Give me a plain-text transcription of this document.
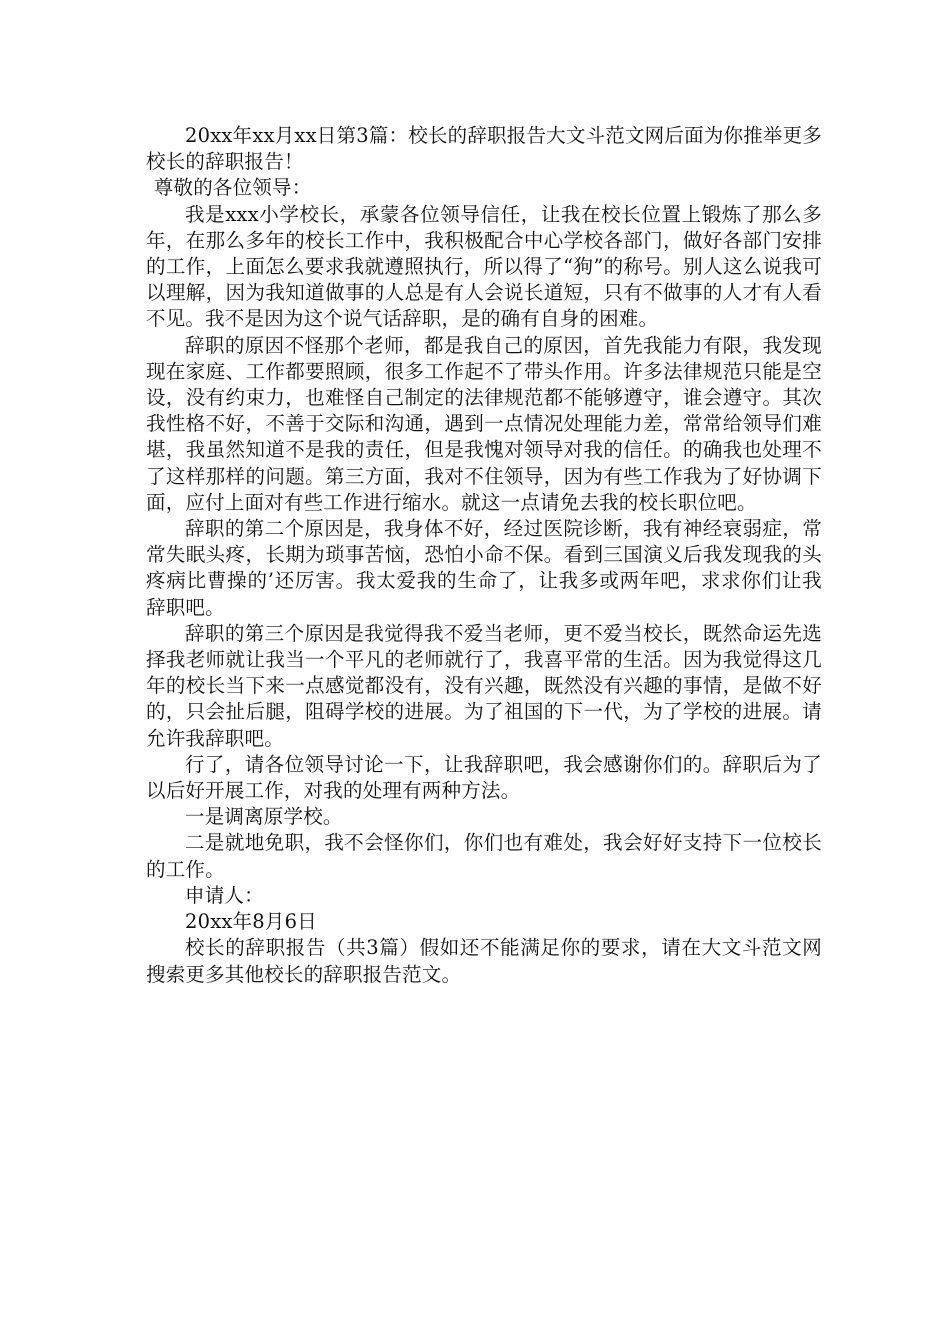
20xx年xx月xx日第3篇：校长的辞职报告大文斗范文网后面为你推举更多校长的辞职报告！

尊敬的各位领导：

我是xxx小学校长，承蒙各位领导信任，让我在校长位置上锻炼了那么多年，在那么多年的校长工作中，我积极配合中心学校各部门，做好各部门安排的工作，上面怎么要求我就遵照执行，所以得了“狗”的称号。别人这么说我可以理解，因为我知道做事的人总是有人会说长道短，只有不做事的人才有人看不见。我不是因为这个说气话辞职，是的确有自身的困难。

辞职的原因不怪那个老师，都是我自己的原因，首先我能力有限，我发现现在家庭、工作都要照顾，很多工作起不了带头作用。许多法律规范只能是空设，没有约束力，也难怪自己制定的法律规范都不能够遵守，谁会遵守。其次我性格不好，不善于交际和沟通，遇到一点情况处理能力差，常常给领导们难堪，我虽然知道不是我的责任，但是我愧对领导对我的信任。的确我也处理不了这样那样的问题。第三方面，我对不住领导，因为有些工作我为了好协调下面，应付上面对有些工作进行缩水。就这一点请免去我的校长职位吧。

辞职的第二个原因是，我身体不好，经过医院诊断，我有神经衰弱症，常常失眠头疼，长期为琐事苦恼，恐怕小命不保。看到三国演义后我发现我的头疼病比曹操的’还厉害。我太爱我的生命了，让我多或两年吧，求求你们让我辞职吧。

辞职的第三个原因是我觉得我不爱当老师，更不爱当校长，既然命运先选择我老师就让我当一个平凡的老师就行了，我喜平常的生活。因为我觉得这几年的校长当下来一点感觉都没有，没有兴趣，既然没有兴趣的事情，是做不好的，只会扯后腿，阻碍学校的进展。为了祖国的下一代，为了学校的进展。请允许我辞职吧。

行了，请各位领导讨论一下，让我辞职吧，我会感谢你们的。辞职后为了以后好开展工作，对我的处理有两种方法。

一是调离原学校。

二是就地免职，我不会怪你们，你们也有难处，我会好好支持下一位校长的工作。

申请人：

20xx年8月6日

校长的辞职报告（共3篇）假如还不能满足你的要求，请在大文斗范文网搜索更多其他校长的辞职报告范文。
